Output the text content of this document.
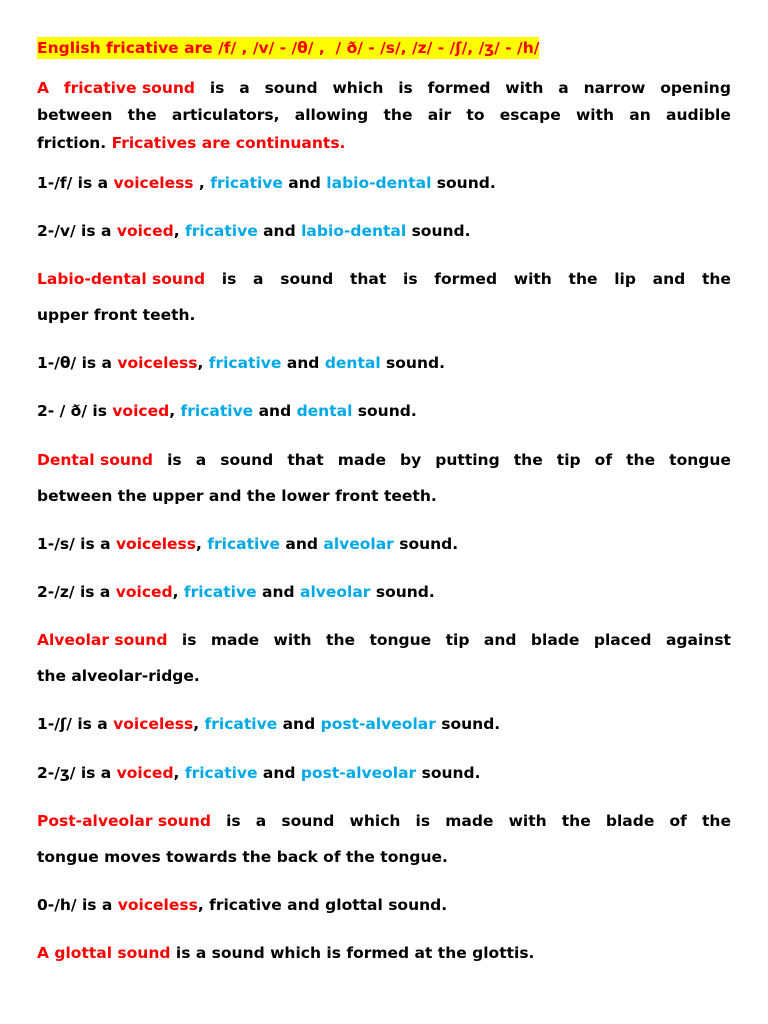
English fricative are /f/ , /v/ - /θ/ ,  / ð/ - /s/, /z/ - /ʃ/, /ʒ/ - /h/
A fricative sound is a sound which is formed with a narrow opening
between the articulators, allowing the air to escape with an audible
friction. Fricatives are continuants.
1-/f/ is a voiceless , fricative and labio-dental sound.
2-/v/ is a voiced, fricative and labio-dental sound.
Labio-dental sound is a sound that is formed with the lip and the
upper front teeth.
1-/θ/ is a voiceless, fricative and dental sound.
2- / ð/ is voiced, fricative and dental sound.
Dental sound is a sound that made by putting the tip of the tongue
between the upper and the lower front teeth.
1-/s/ is a voiceless, fricative and alveolar sound.
2-/z/ is a voiced, fricative and alveolar sound.
Alveolar sound is made with the tongue tip and blade placed against
the alveolar-ridge.
1-/ʃ/ is a voiceless, fricative and post-alveolar sound.
2-/ʒ/ is a voiced, fricative and post-alveolar sound.
Post-alveolar sound is a sound which is made with the blade of the
tongue moves towards the back of the tongue.
0-/h/ is a voiceless, fricative and glottal sound.
A glottal sound is a sound which is formed at the glottis.
